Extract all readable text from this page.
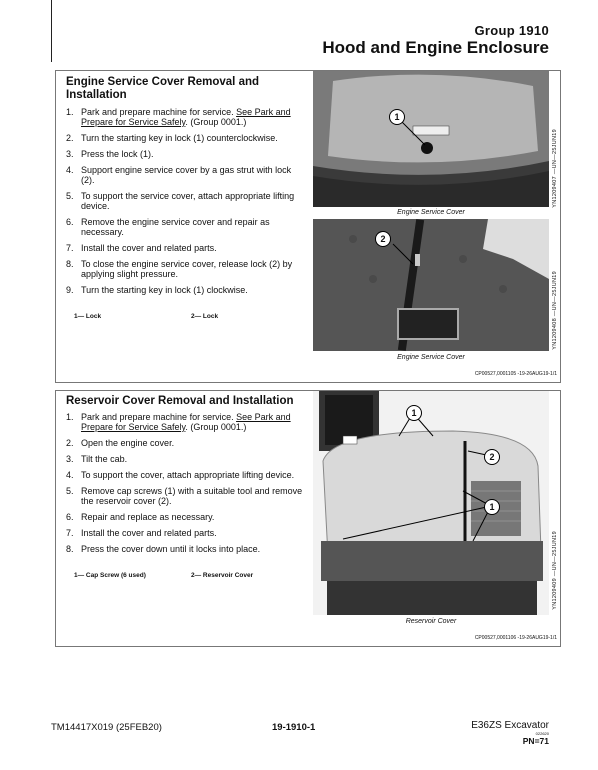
Group 1910
Hood and Engine Enclosure
Engine Service Cover Removal and
Installation
1. Park and prepare machine for service. See Park and Prepare for Service Safely. (Group 0001.)
2. Turn the starting key in lock (1) counterclockwise.
3. Press the lock (1).
4. Support engine service cover by a gas strut with lock (2).
5. To support the service cover, attach appropriate lifting device.
6. Remove the engine service cover and repair as necessary.
7. Install the cover and related parts.
8. To close the engine service cover, release lock (2) by applying slight pressure.
9. Turn the starting key in lock (1) clockwise.
1— Lock	2— Lock
1
YN1209407 —UN—25JUN19
Engine Service Cover
2
YN1209408 —UN—25JUN19
Engine Service Cover
CP00527,0001105 -19-26AUG19-1/1
Reservoir Cover Removal and Installation
1. Park and prepare machine for service. See Park and Prepare for Service Safely. (Group 0001.)
2. Open the engine cover.
3. Tilt the cab.
4. To support the cover, attach appropriate lifting device.
5. Remove cap screws (1) with a suitable tool and remove the reservoir cover (2).
6. Repair and replace as necessary.
7. Install the cover and related parts.
8. Press the cover down until it locks into place.
1— Cap Screw (6 used)	2— Reservoir Cover
1
2
1
YN1209409 —UN—25JUN19
Reservoir Cover
CP00527,0001106 -19-26AUG19-1/1
TM14417X019 (25FEB20)	19-1910-1	E36ZS Excavator
022620
PN=71
